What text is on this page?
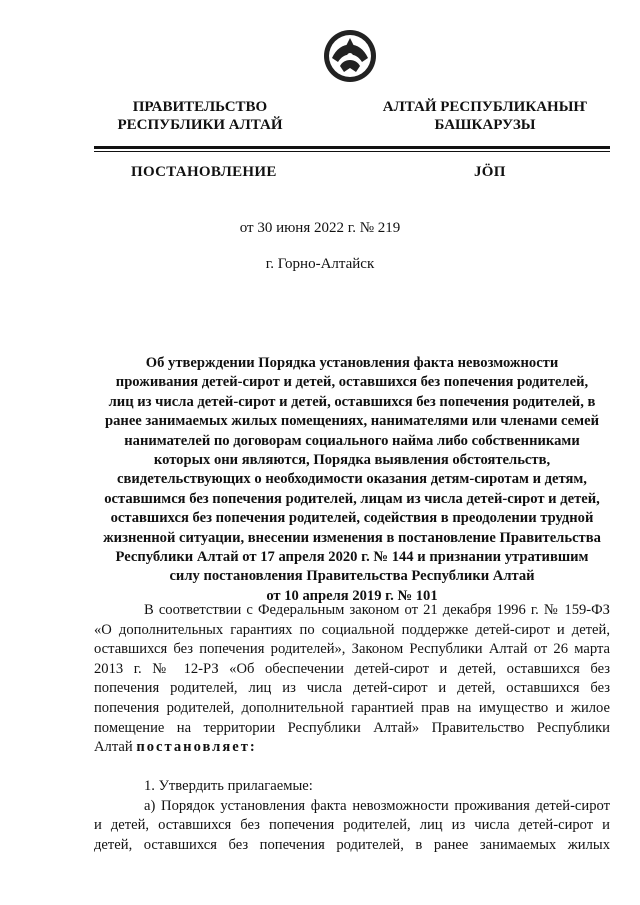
ПРАВИТЕЛЬСТВО
РЕСПУБЛИКИ АЛТАЙ
АЛТАЙ РЕСПУБЛИКАНЫҤ
БАШКАРУЗЫ
ПОСТАНОВЛЕНИЕ	JӦП
от 30 июня 2022 г. № 219
г. Горно-Алтайск
Об утверждении Порядка установления факта невозможности
проживания детей-сирот и детей, оставшихся без попечения родителей,
лиц из числа детей-сирот и детей, оставшихся без попечения родителей, в
ранее занимаемых жилых помещениях, нанимателями или членами семей
нанимателей по договорам социального найма либо собственниками
которых они являются, Порядка выявления обстоятельств,
свидетельствующих о необходимости оказания детям-сиротам и детям,
оставшимся без попечения родителей, лицам из числа детей-сирот и детей,
оставшихся без попечения родителей, содействия в преодолении трудной
жизненной ситуации, внесении изменения в постановление Правительства
Республики Алтай от 17 апреля 2020 г. № 144 и признании утратившим
силу постановления Правительства Республики Алтай
от 10 апреля 2019 г. № 101
В соответствии с Федеральным законом от 21 декабря 1996 г. № 159-ФЗ
«О дополнительных гарантиях по социальной поддержке детей-сирот и детей,
оставшихся без попечения родителей», Законом Республики Алтай от 26 марта
2013 г. № 12-РЗ «Об обеспечении детей-сирот и детей, оставшихся без
попечения родителей, лиц из числа детей-сирот и детей, оставшихся без
попечения родителей, дополнительной гарантией прав на имущество и жилое
помещение на территории Республики Алтай» Правительство Республики
Алтай постановляет:
1. Утвердить прилагаемые:
а) Порядок установления факта невозможности проживания детей-сирот
и детей, оставшихся без попечения родителей, лиц из числа детей-сирот и
детей, оставшихся без попечения родителей, в ранее занимаемых жилых
